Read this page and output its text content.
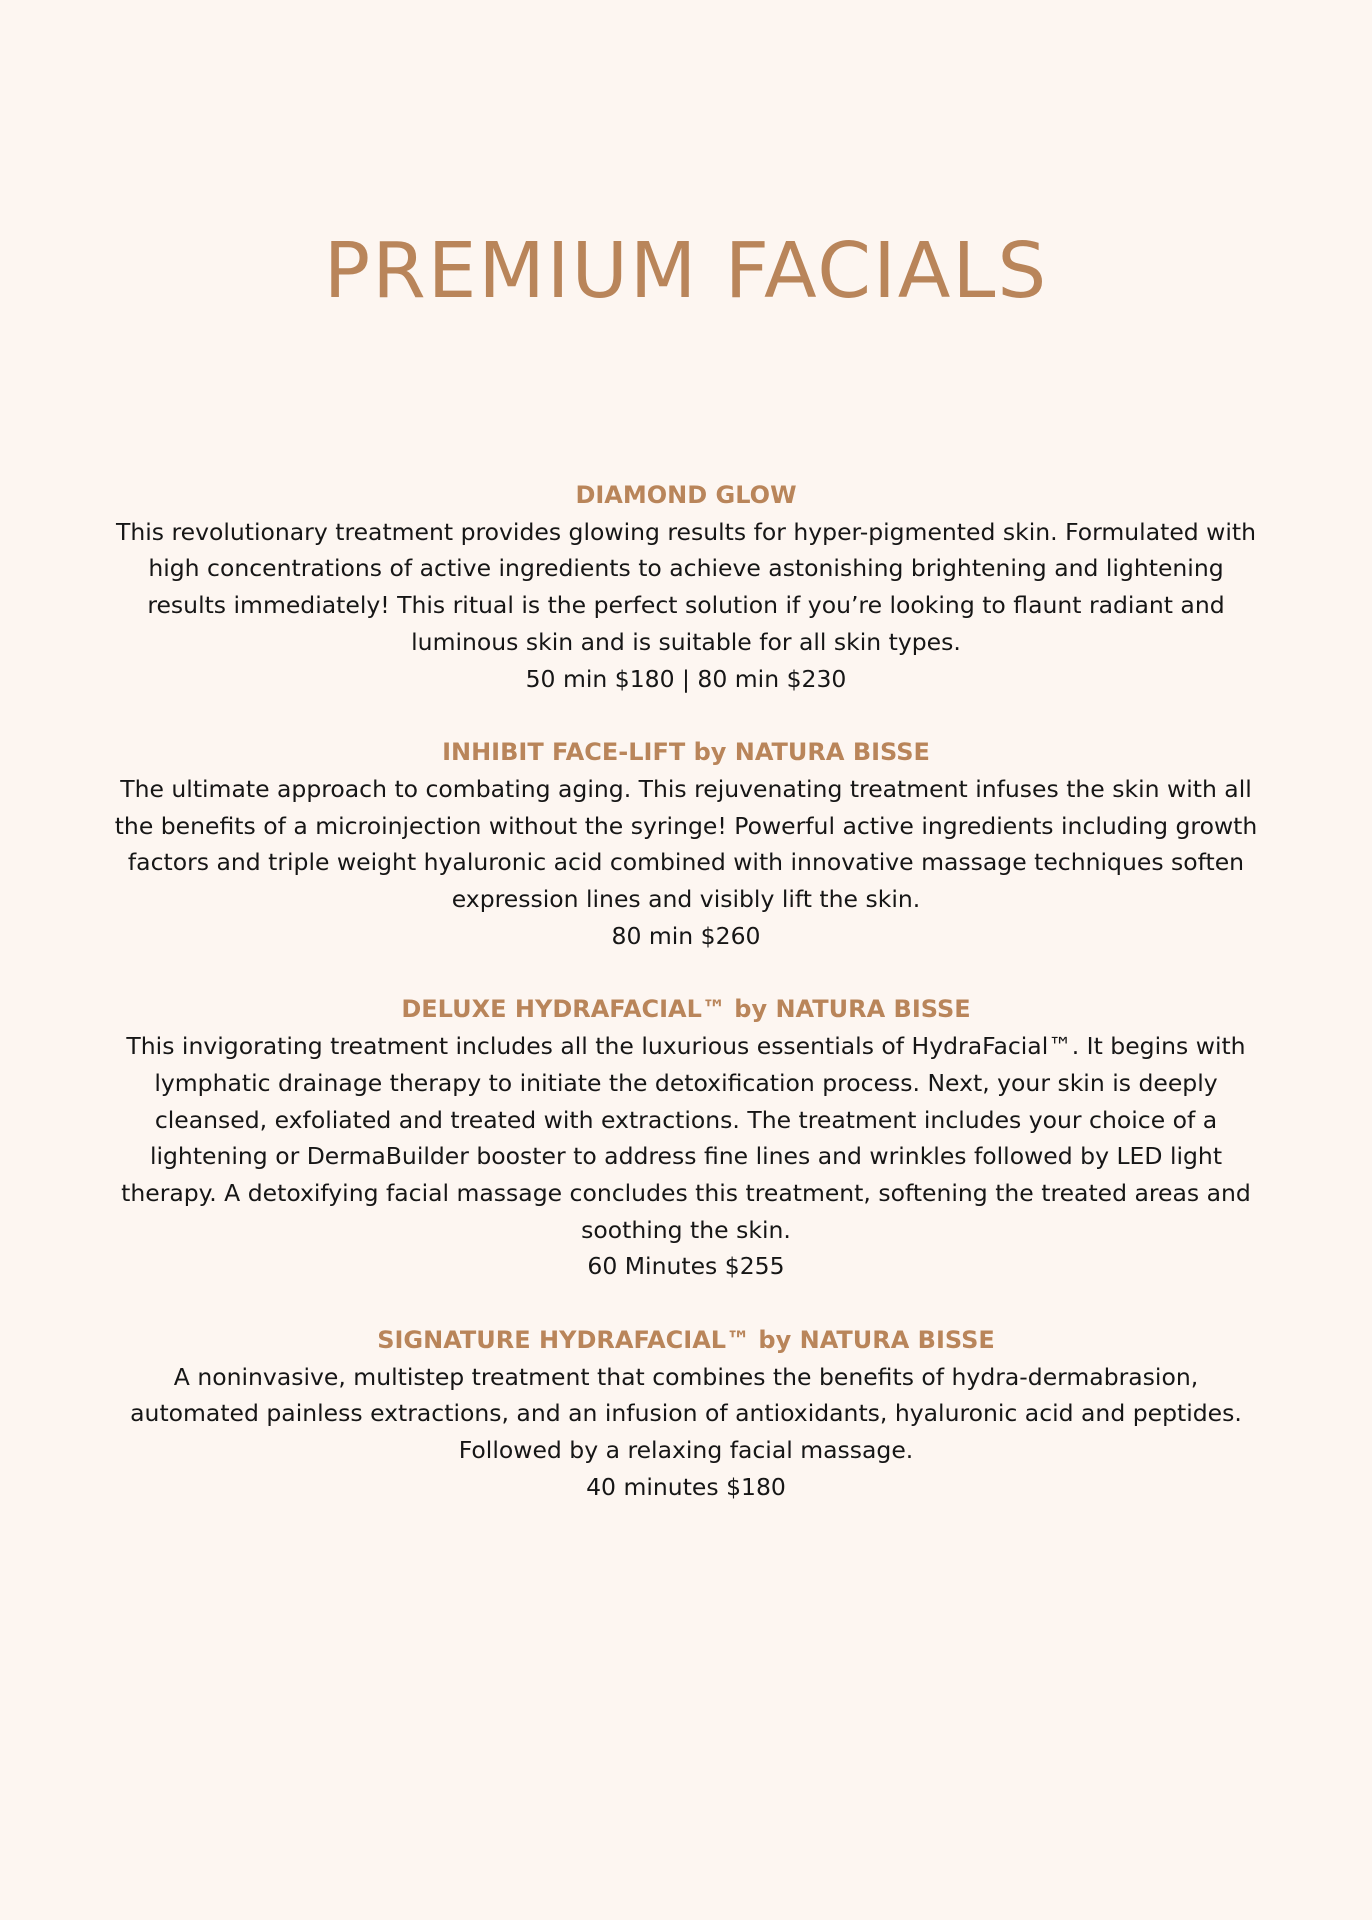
PREMIUM FACIALS

DIAMOND GLOW

This revolutionary treatment provides glowing results for hyper-pigmented skin. Formulated with high concentrations of active ingredients to achieve astonishing brightening and lightening results immediately! This ritual is the perfect solution if you’re looking to flaunt radiant and luminous skin and is suitable for all skin types.

50 min $180 | 80 min $230

INHIBIT FACE-LIFT by NATURA BISSE

The ultimate approach to combating aging. This rejuvenating treatment infuses the skin with all the benefits of a microinjection without the syringe! Powerful active ingredients including growth factors and triple weight hyaluronic acid combined with innovative massage techniques soften expression lines and visibly lift the skin.

80 min $260

DELUXE HYDRAFACIAL™ by NATURA BISSE

This invigorating treatment includes all the luxurious essentials of HydraFacial™. It begins with lymphatic drainage therapy to initiate the detoxification process. Next, your skin is deeply cleansed, exfoliated and treated with extractions. The treatment includes your choice of a lightening or DermaBuilder booster to address fine lines and wrinkles followed by LED light therapy. A detoxifying facial massage concludes this treatment, softening the treated areas and soothing the skin.

60 Minutes $255

SIGNATURE HYDRAFACIAL™ by NATURA BISSE

A noninvasive, multistep treatment that combines the benefits of hydra-dermabrasion, automated painless extractions, and an infusion of antioxidants, hyaluronic acid and peptides. Followed by a relaxing facial massage.

40 minutes $180
